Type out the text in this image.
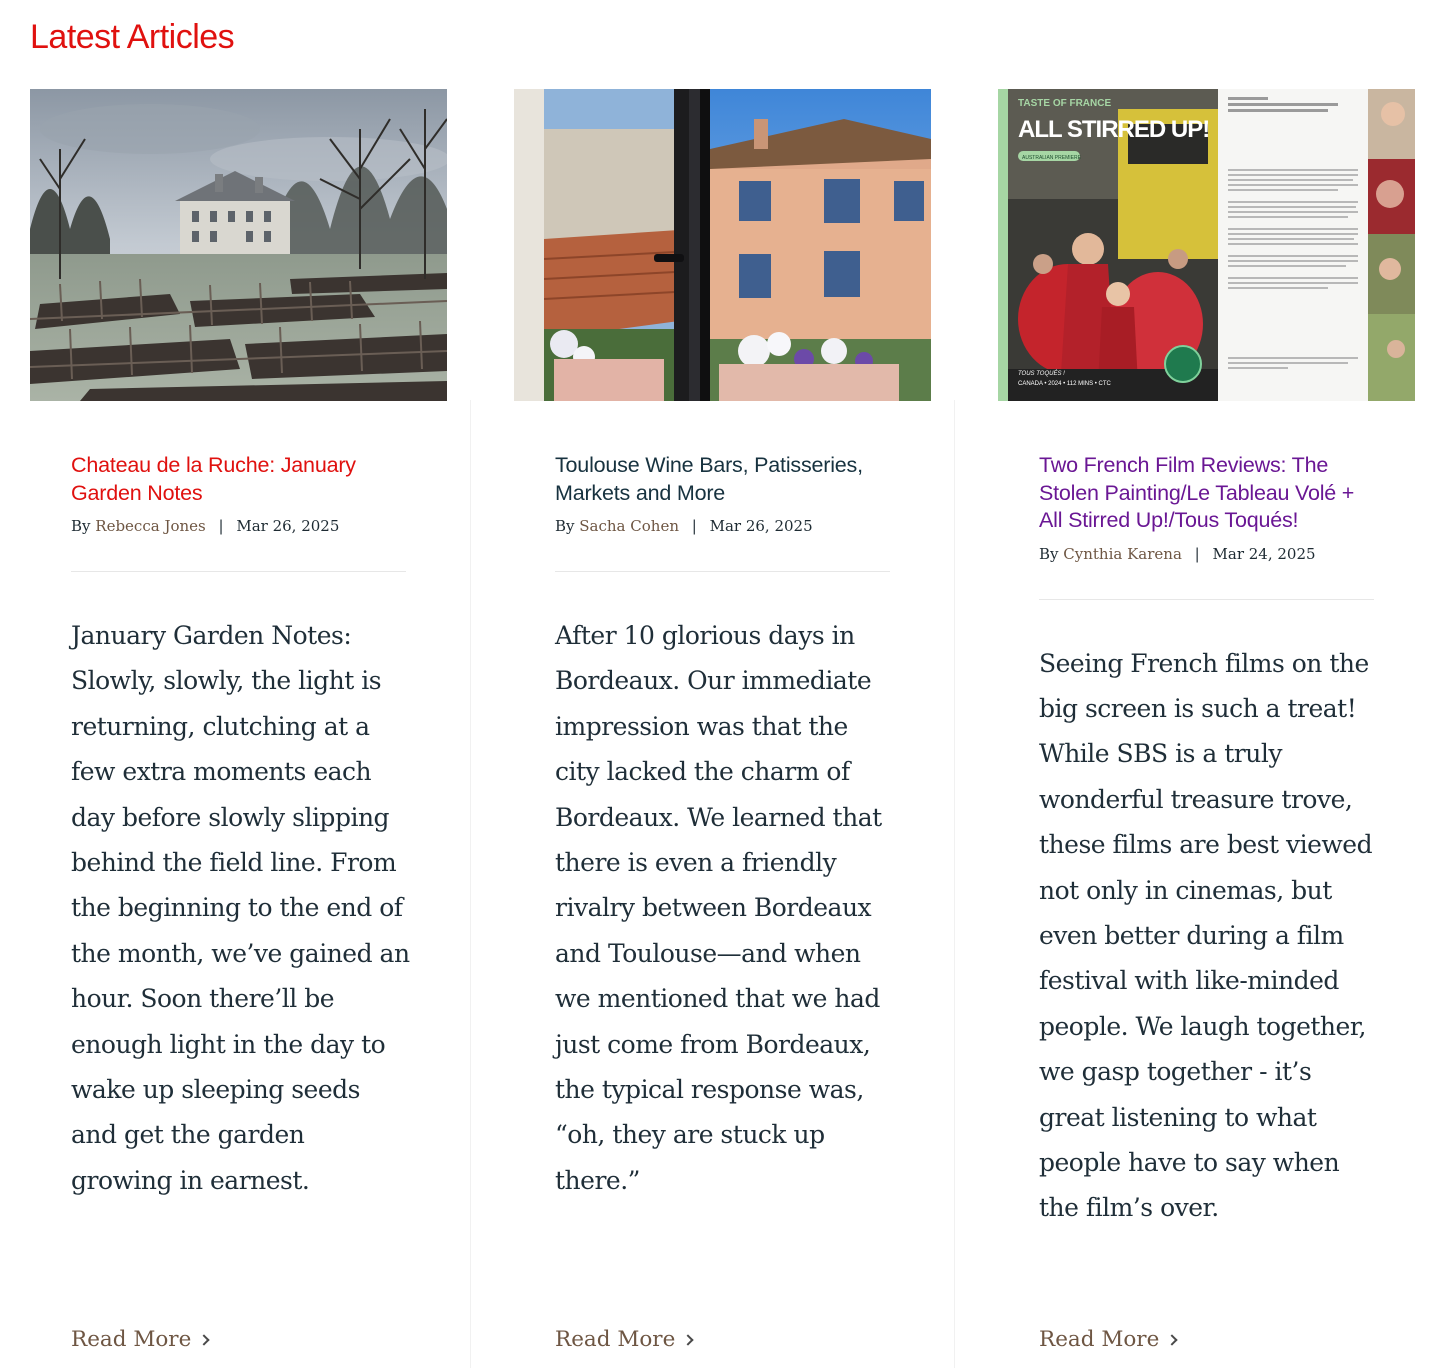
Latest Articles
Chateau de la Ruche: January Garden Notes
By Rebecca Jones | Mar 26, 2025

January Garden Notes: Slowly, slowly, the light is returning, clutching at a few extra moments each day before slowly slipping behind the field line. From the beginning to the end of the month, we’ve gained an hour. Soon there’ll be enough light in the day to wake up sleeping seeds and get the garden growing in earnest.

Read More
Toulouse Wine Bars, Patisseries, Markets and More
By Sacha Cohen | Mar 26, 2025

After 10 glorious days in Bordeaux. Our immediate impression was that the city lacked the charm of Bordeaux. We learned that there is even a friendly rivalry between Bordeaux and Toulouse—and when we mentioned that we had just come from Bordeaux, the typical response was, “oh, they are stuck up there.”

Read More
TASTE OF FRANCE
ALL STIRRED UP!
AUSTRALIAN PREMIERE
TOUS TOQUÉS !
CANADA • 2024 • 112 MINS • CTC
Two French Film Reviews: The Stolen Painting/Le Tableau Volé + All Stirred Up!/Tous Toqués!
By Cynthia Karena | Mar 24, 2025

Seeing French films on the big screen is such a treat! While SBS is a truly wonderful treasure trove, these films are best viewed not only in cinemas, but even better during a film festival with like-minded people. We laugh together, we gasp together - it’s great listening to what people have to say when the film’s over.

Read More
